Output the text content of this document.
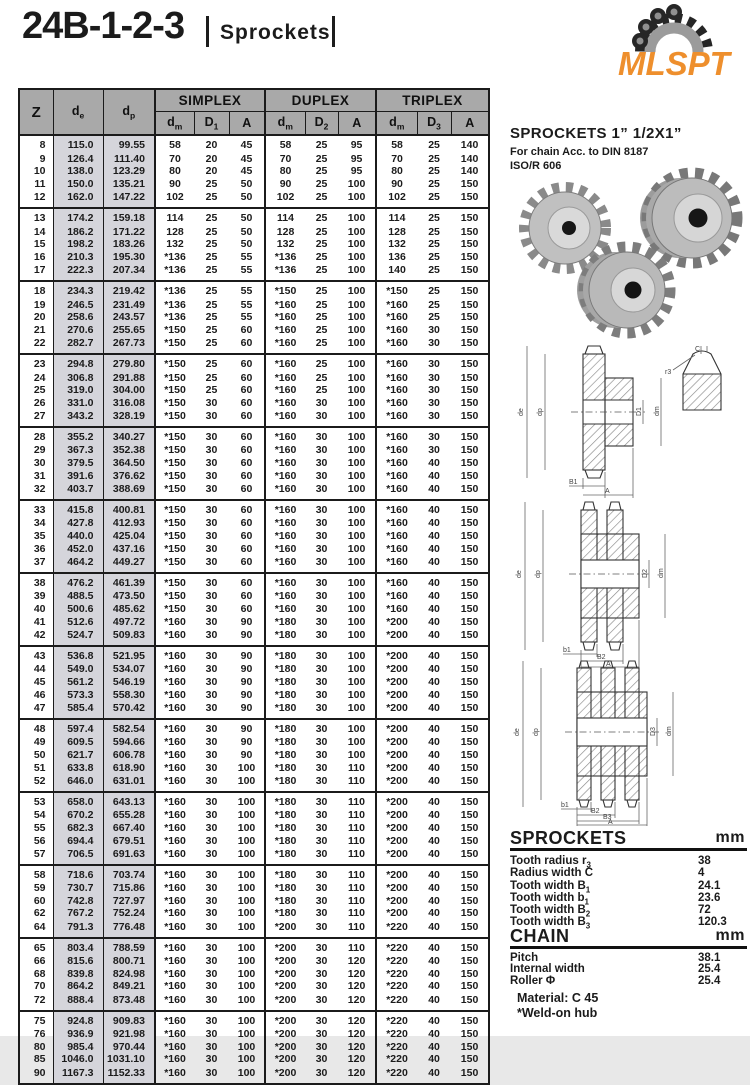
24B-1-2-3 Sprockets
MLSPT
Z	$d_e$	$d_p$	SIMPLEX			DUPLEX			TRIPLEX		
			$d_m$	$D_1$	A	$d_m$	$D_2$	A	$d_m$	$D_3$	A
8	115.0	99.55	58	20	45	58	25	95	58	25	140
9	126.4	111.40	70	20	45	70	25	95	70	25	140
10	138.0	123.29	80	20	45	80	25	95	80	25	140
11	150.0	135.21	90	25	50	90	25	100	90	25	150
12	162.0	147.22	102	25	50	102	25	100	102	25	150
13	174.2	159.18	114	25	50	114	25	100	114	25	150
14	186.2	171.22	128	25	50	128	25	100	128	25	150
15	198.2	183.26	132	25	50	132	25	100	132	25	150
16	210.3	195.30	*136	25	55	*136	25	100	136	25	150
17	222.3	207.34	*136	25	55	*136	25	100	140	25	150
18	234.3	219.42	*136	25	55	*150	25	100	*150	25	150
19	246.5	231.49	*136	25	55	*160	25	100	*160	25	150
20	258.6	243.57	*136	25	55	*160	25	100	*160	25	150
21	270.6	255.65	*150	25	60	*160	25	100	*160	30	150
22	282.7	267.73	*150	25	60	*160	25	100	*160	30	150
23	294.8	279.80	*150	25	60	*160	25	100	*160	30	150
24	306.8	291.88	*150	25	60	*160	25	100	*160	30	150
25	319.0	304.00	*150	25	60	*160	25	100	*160	30	150
26	331.0	316.08	*150	30	60	*160	30	100	*160	30	150
27	343.2	328.19	*150	30	60	*160	30	100	*160	30	150
28	355.2	340.27	*150	30	60	*160	30	100	*160	30	150
29	367.3	352.38	*150	30	60	*160	30	100	*160	30	150
30	379.5	364.50	*150	30	60	*160	30	100	*160	40	150
31	391.6	376.62	*150	30	60	*160	30	100	*160	40	150
32	403.7	388.69	*150	30	60	*160	30	100	*160	40	150
33	415.8	400.81	*150	30	60	*160	30	100	*160	40	150
34	427.8	412.93	*150	30	60	*160	30	100	*160	40	150
35	440.0	425.04	*150	30	60	*160	30	100	*160	40	150
36	452.0	437.16	*150	30	60	*160	30	100	*160	40	150
37	464.2	449.27	*150	30	60	*160	30	100	*160	40	150
38	476.2	461.39	*150	30	60	*160	30	100	*160	40	150
39	488.5	473.50	*150	30	60	*160	30	100	*160	40	150
40	500.6	485.62	*150	30	60	*160	30	100	*160	40	150
41	512.6	497.72	*160	30	90	*180	30	100	*200	40	150
42	524.7	509.83	*160	30	90	*180	30	100	*200	40	150
43	536.8	521.95	*160	30	90	*180	30	100	*200	40	150
44	549.0	534.07	*160	30	90	*180	30	100	*200	40	150
45	561.2	546.19	*160	30	90	*180	30	100	*200	40	150
46	573.3	558.30	*160	30	90	*180	30	100	*200	40	150
47	585.4	570.42	*160	30	90	*180	30	100	*200	40	150
48	597.4	582.54	*160	30	90	*180	30	100	*200	40	150
49	609.5	594.66	*160	30	90	*180	30	100	*200	40	150
50	621.7	606.78	*160	30	90	*180	30	100	*200	40	150
51	633.8	618.90	*160	30	100	*180	30	110	*200	40	150
52	646.0	631.01	*160	30	100	*180	30	110	*200	40	150
53	658.0	643.13	*160	30	100	*180	30	110	*200	40	150
54	670.2	655.28	*160	30	100	*180	30	110	*200	40	150
55	682.3	667.40	*160	30	100	*180	30	110	*200	40	150
56	694.4	679.51	*160	30	100	*180	30	110	*200	40	150
57	706.5	691.63	*160	30	100	*180	30	110	*200	40	150
58	718.6	703.74	*160	30	100	*180	30	110	*200	40	150
59	730.7	715.86	*160	30	100	*180	30	110	*200	40	150
60	742.8	727.97	*160	30	100	*180	30	110	*200	40	150
62	767.2	752.24	*160	30	100	*180	30	110	*200	40	150
64	791.3	776.48	*160	30	100	*200	30	110	*220	40	150
65	803.4	788.59	*160	30	100	*200	30	110	*220	40	150
66	815.6	800.71	*160	30	100	*200	30	120	*220	40	150
68	839.8	824.98	*160	30	100	*200	30	120	*220	40	150
70	864.2	849.21	*160	30	100	*200	30	120	*220	40	150
72	888.4	873.48	*160	30	100	*200	30	120	*220	40	150
75	924.8	909.83	*160	30	100	*200	30	120	*220	40	150
76	936.9	921.98	*160	30	100	*200	30	120	*220	40	150
80	985.4	970.44	*160	30	100	*200	30	120	*220	40	150
85	1046.0	1031.10	*160	30	100	*200	30	120	*220	40	150
90	1167.3	1152.33	*160	30	100	*200	30	120	*220	40	150
SPROCKETS 1” 1/2X1”
For chain Acc. to DIN 8187
ISO/R 606
de dp	D1 dm
B1
A
C
r3
de dp	D2 dm
b1
B2
A
de dp	D3 dm
b1
B2
B3
A
SPROCKETS	mm
Tooth radius $r_3$	38
Radius width C	4
Tooth width $B_1$	24.1
Tooth width $b_1$	23.6
Tooth width $B_2$	72
Tooth width $B_3$	120.3
CHAIN	mm
Pitch	38.1
Internal width	25.4
Roller Φ	25.4
Material: C 45
*Weld-on hub
